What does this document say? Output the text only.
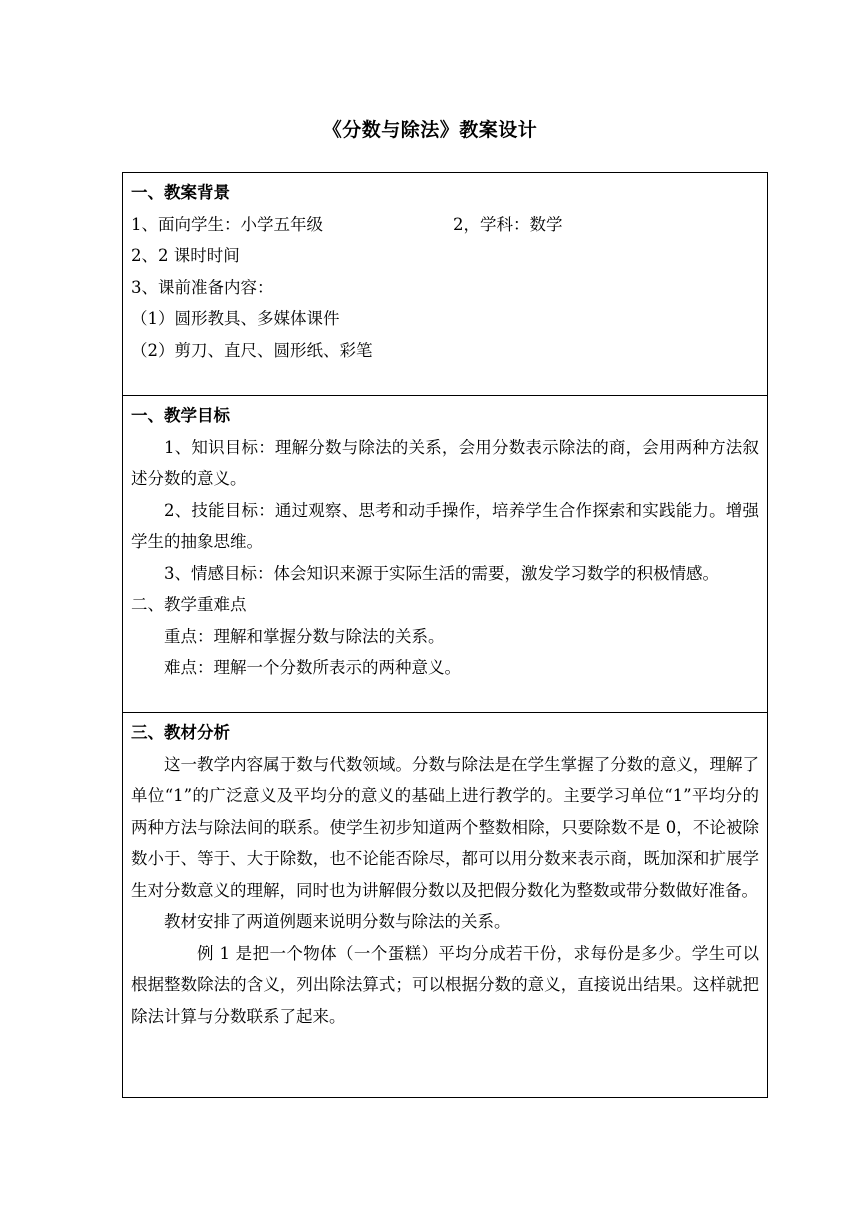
《分数与除法》教案设计
一、教案背景
1、面向学生：小学五年级	2，学科：数学
2、2 课时时间
3、课前准备内容：
（1）圆形教具、多媒体课件
（2）剪刀、直尺、圆形纸、彩笔
一、教学目标
1、知识目标：理解分数与除法的关系，会用分数表示除法的商，会用两种方法叙述分数的意义。
2、技能目标：通过观察、思考和动手操作，培养学生合作探索和实践能力。增强学生的抽象思维。
3、情感目标：体会知识来源于实际生活的需要，激发学习数学的积极情感。
二、教学重难点
重点：理解和掌握分数与除法的关系。
难点：理解一个分数所表示的两种意义。
三、教材分析
这一教学内容属于数与代数领域。分数与除法是在学生掌握了分数的意义，理解了单位“1”的广泛意义及平均分的意义的基础上进行教学的。主要学习单位“1”平均分的两种方法与除法间的联系。使学生初步知道两个整数相除，只要除数不是 0，不论被除数小于、等于、大于除数，也不论能否除尽，都可以用分数来表示商，既加深和扩展学生对分数意义的理解，同时也为讲解假分数以及把假分数化为整数或带分数做好准备。
教材安排了两道例题来说明分数与除法的关系。
例 1 是把一个物体（一个蛋糕）平均分成若干份，求每份是多少。学生可以根据整数除法的含义，列出除法算式；可以根据分数的意义，直接说出结果。这样就把除法计算与分数联系了起来。
